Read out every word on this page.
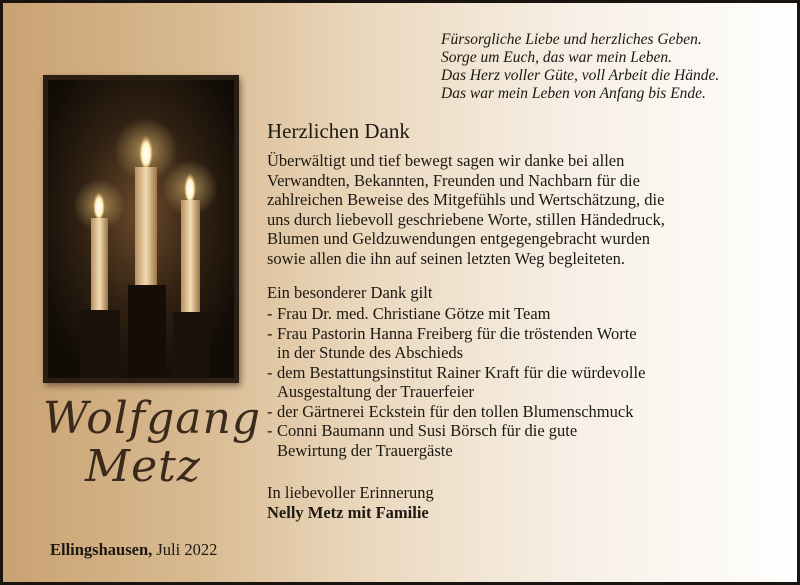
Fürsorgliche Liebe und herzliches Geben.
Sorge um Euch, das war mein Leben.
Das Herz voller Güte, voll Arbeit die Hände.
Das war mein Leben von Anfang bis Ende.
Herzlichen Dank
Überwältigt und tief bewegt sagen wir danke bei allen
Verwandten, Bekannten, Freunden und Nachbarn für die
zahlreichen Beweise des Mitgefühls und Wertschätzung, die
uns durch liebevoll geschriebene Worte, stillen Händedruck,
Blumen und Geldzuwendungen entgegengebracht wurden
sowie allen die ihn auf seinen letzten Weg begleiteten.
Ein besonderer Dank gilt
- Frau Dr. med. Christiane Götze mit Team
- Frau Pastorin Hanna Freiberg für die tröstenden Worte
in der Stunde des Abschieds
- dem Bestattungsinstitut Rainer Kraft für die würdevolle
Ausgestaltung der Trauerfeier
- der Gärtnerei Eckstein für den tollen Blumenschmuck
- Conni Baumann und Susi Börsch für die gute
Bewirtung der Trauergäste
In liebevoller Erinnerung
Nelly Metz mit Familie
Wolfgang
Metz
Ellingshausen, Juli 2022
